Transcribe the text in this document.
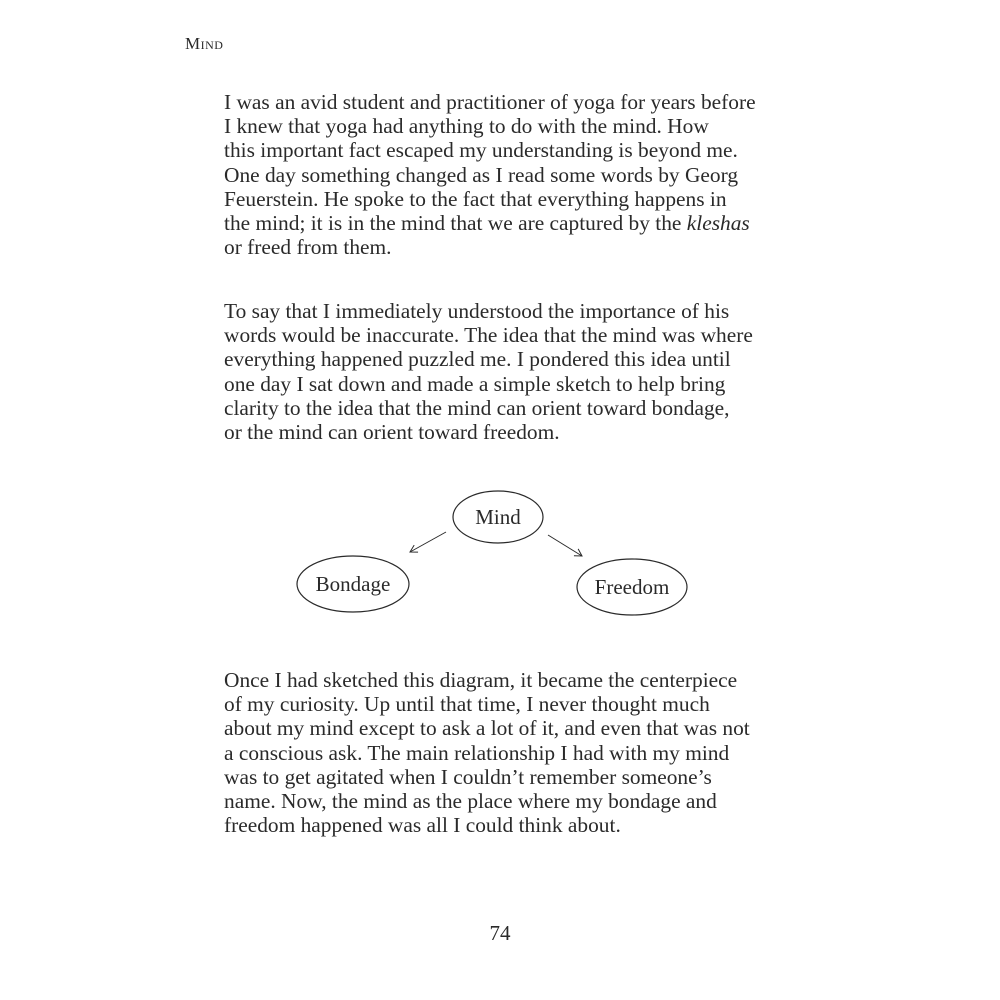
Mind

I was an avid student and practitioner of yoga for years before
I knew that yoga had anything to do with the mind. How
this important fact escaped my understanding is beyond me.
One day something changed as I read some words by Georg
Feuerstein. He spoke to the fact that everything happens in
the mind; it is in the mind that we are captured by the kleshas
or freed from them.

To say that I immediately understood the importance of his
words would be inaccurate. The idea that the mind was where
everything happened puzzled me. I pondered this idea until
one day I sat down and made a simple sketch to help bring
clarity to the idea that the mind can orient toward bondage,
or the mind can orient toward freedom.

Mind
Bondage	Freedom

Once I had sketched this diagram, it became the centerpiece
of my curiosity. Up until that time, I never thought much
about my mind except to ask a lot of it, and even that was not
a conscious ask. The main relationship I had with my mind
was to get agitated when I couldn’t remember someone’s
name. Now, the mind as the place where my bondage and
freedom happened was all I could think about.

74
